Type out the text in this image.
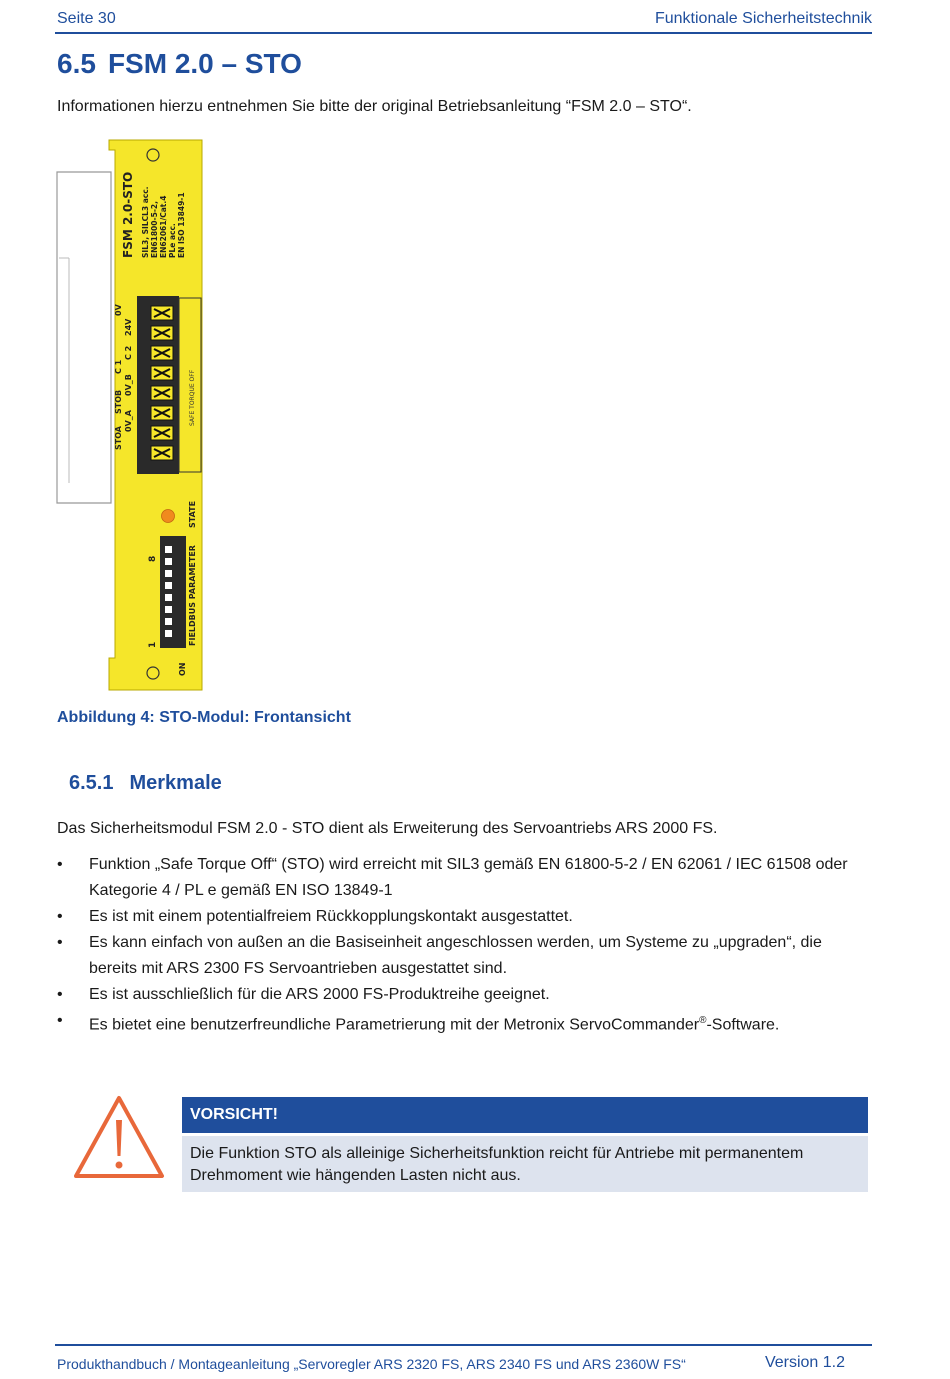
Seite 30	Funktionale Sicherheitstechnik
6.5 FSM 2.0 – STO
Informationen hierzu entnehmen Sie bitte der original Betriebsanleitung “FSM 2.0 – STO“.
FSM 2.0-STO SIL3, SILCL3 acc. EN61800-5-2, EN62061/Cat.4 PLe acc. EN ISO 13849-1
STOA
STOB
C 1
24V
0V_A
0V_B
C 2
0V
SAFE TORQUE OFF
STATE
FIELDBUS PARAMETER
ON
1
8
Abbildung 4: STO-Modul: Frontansicht
6.5.1 Merkmale
Das Sicherheitsmodul FSM 2.0 - STO dient als Erweiterung des Servoantriebs ARS 2000 FS.
• Funktion „Safe Torque Off“ (STO) wird erreicht mit SIL3 gemäß EN 61800-5-2 / EN 62061 / IEC 61508 oder Kategorie 4 / PL e gemäß EN ISO 13849-1
• Es ist mit einem potentialfreiem Rückkopplungskontakt ausgestattet.
• Es kann einfach von außen an die Basiseinheit angeschlossen werden, um Systeme zu „upgraden“, die bereits mit ARS 2300 FS Servoantrieben ausgestattet sind.
• Es ist ausschließlich für die ARS 2000 FS-Produktreihe geeignet.
• Es bietet eine benutzerfreundliche Parametrierung mit der Metronix ServoCommander®-Software.
VORSICHT!
Die Funktion STO als alleinige Sicherheitsfunktion reicht für Antriebe mit permanentem Drehmoment wie hängenden Lasten nicht aus.
Produkthandbuch / Montageanleitung „Servoregler ARS 2320 FS, ARS 2340 FS und ARS 2360W FS“	Version 1.2
